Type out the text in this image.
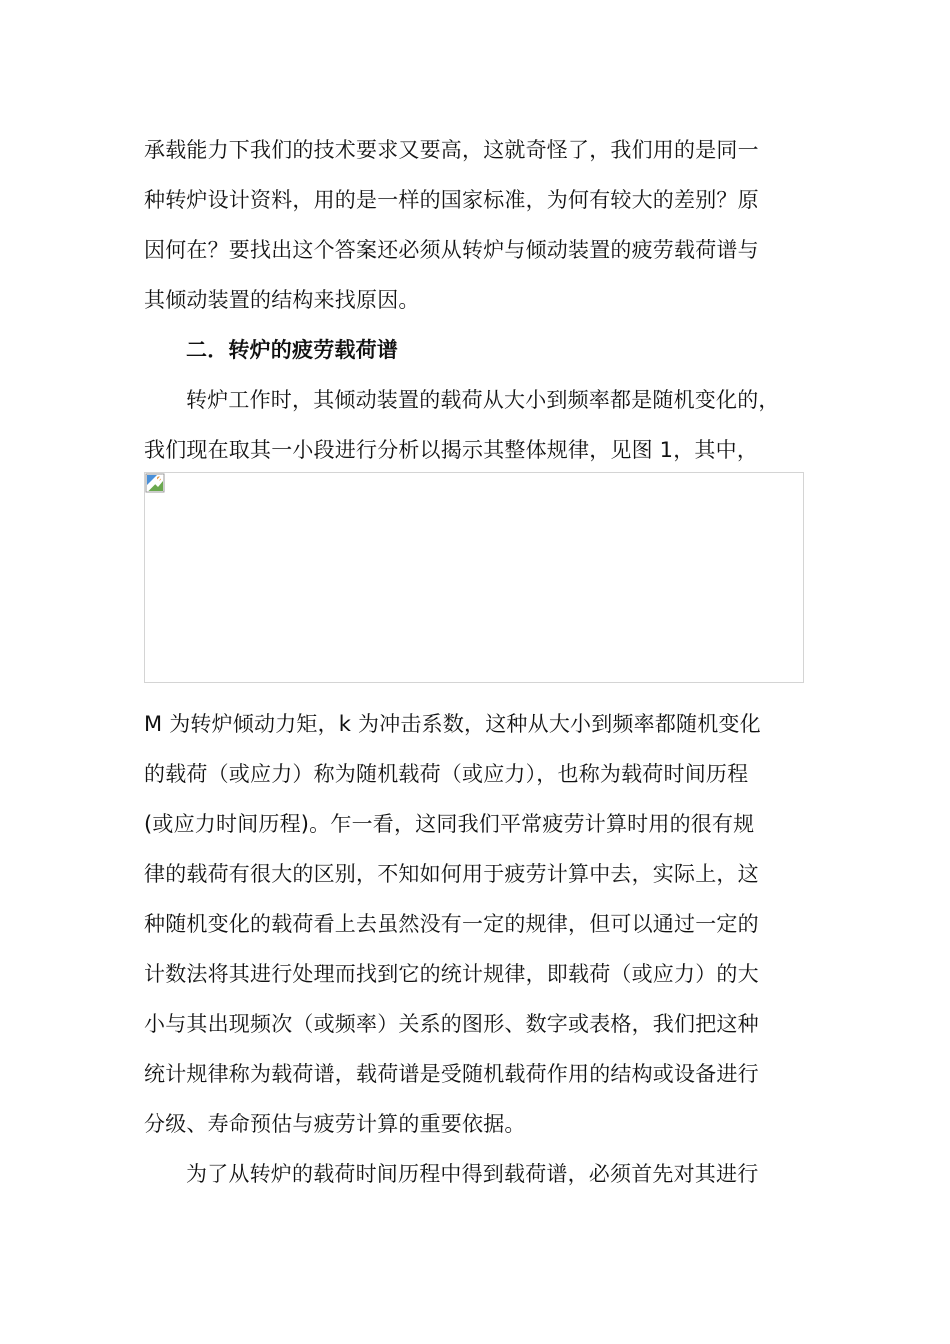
承载能力下我们的技术要求又要高，这就奇怪了，我们用的是同一
种转炉设计资料，用的是一样的国家标准，为何有较大的差别？原
因何在？要找出这个答案还必须从转炉与倾动装置的疲劳载荷谱与
其倾动装置的结构来找原因。
二．转炉的疲劳载荷谱
转炉工作时，其倾动装置的载荷从大小到频率都是随机变化的，
我们现在取其一小段进行分析以揭示其整体规律，见图 1，其中，
M 为转炉倾动力矩，k 为冲击系数，这种从大小到频率都随机变化
的载荷（或应力）称为随机载荷（或应力），也称为载荷时间历程
(或应力时间历程)。乍一看，这同我们平常疲劳计算时用的很有规
律的载荷有很大的区别，不知如何用于疲劳计算中去，实际上，这
种随机变化的载荷看上去虽然没有一定的规律，但可以通过一定的
计数法将其进行处理而找到它的统计规律，即载荷（或应力）的大
小与其出现频次（或频率）关系的图形、数字或表格，我们把这种
统计规律称为载荷谱，载荷谱是受随机载荷作用的结构或设备进行
分级、寿命预估与疲劳计算的重要依据。
为了从转炉的载荷时间历程中得到载荷谱，必须首先对其进行
